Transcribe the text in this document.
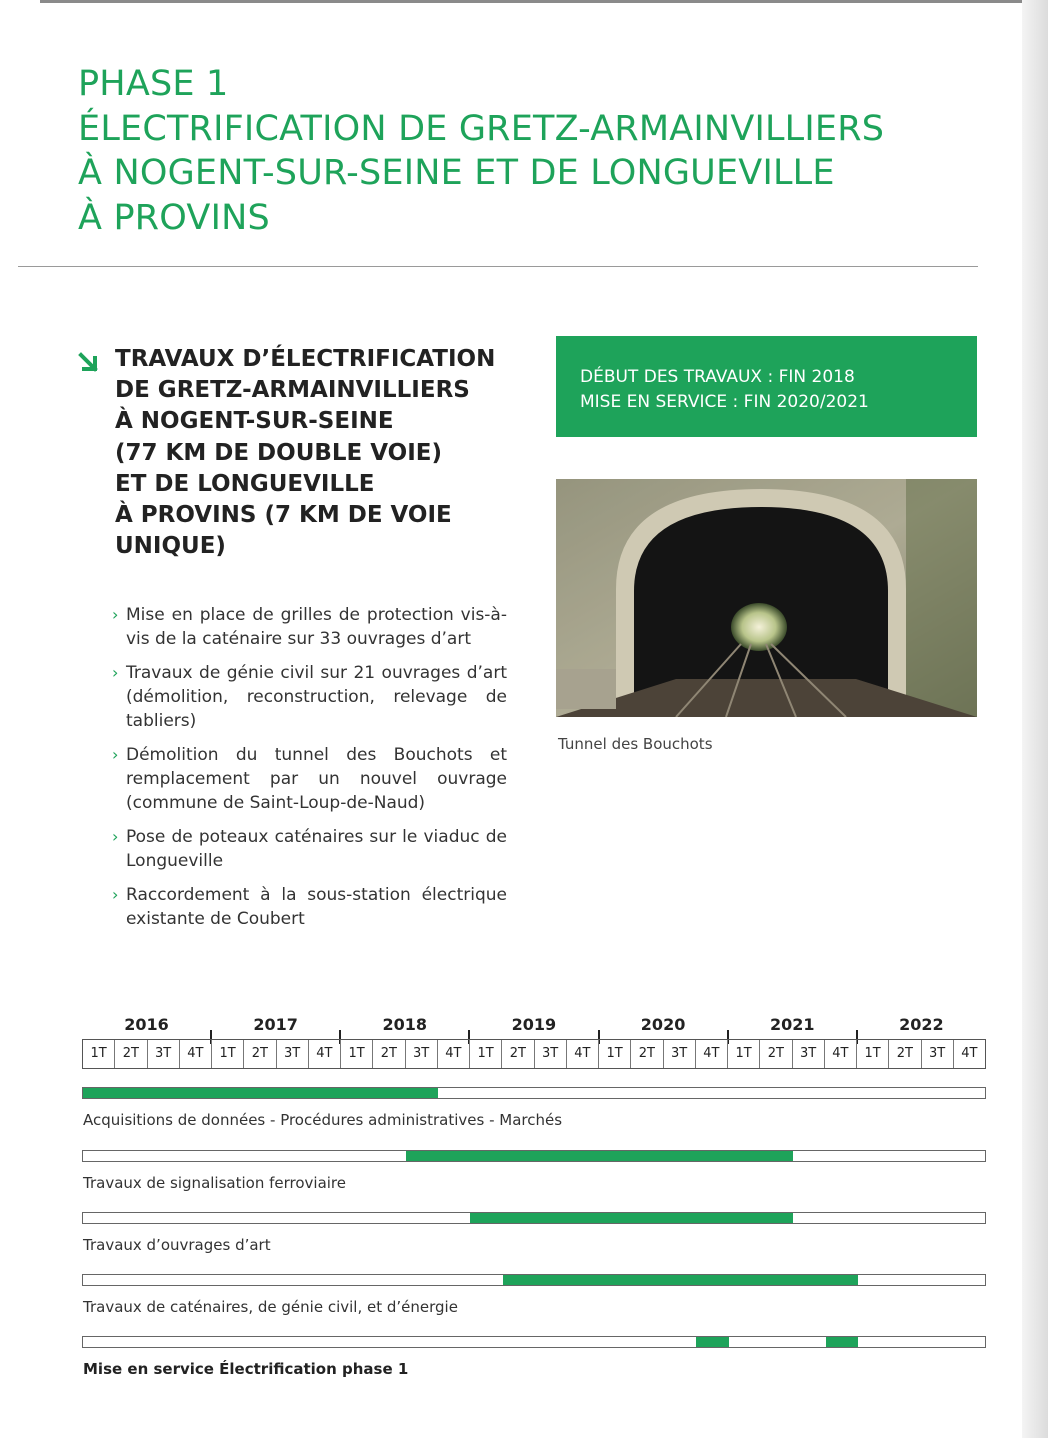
PHASE 1
ÉLECTRIFICATION DE GRETZ-ARMAINVILLIERS
À NOGENT-SUR-SEINE ET DE LONGUEVILLE
À PROVINS
TRAVAUX D’ÉLECTRIFICATION
DE GRETZ-ARMAINVILLIERS
À NOGENT-SUR-SEINE
(77 KM DE DOUBLE VOIE)
ET DE LONGUEVILLE
À PROVINS (7 KM DE VOIE
UNIQUE)
› Mise en place de grilles de protection vis-à-vis de la caténaire sur 33 ouvrages d’art
› Travaux de génie civil sur 21 ouvrages d’art (démolition, reconstruction, relevage de tabliers)
› Démolition du tunnel des Bouchots et remplacement par un nouvel ouvrage (commune de Saint-Loup-de-Naud)
› Pose de poteaux caténaires sur le viaduc de Longueville
› Raccordement à la sous-station électrique existante de Coubert
DÉBUT DES TRAVAUX : FIN 2018
MISE EN SERVICE : FIN 2020/2021
Tunnel des Bouchots
2016	2017	2018	2019	2020	2021	2022
1T	2T	3T	4T	1T	2T	3T	4T	1T	2T	3T	4T	1T	2T	3T	4T	1T	2T	3T	4T	1T	2T	3T	4T	1T	2T	3T	4T
Acquisitions de données - Procédures administratives - Marchés
Travaux de signalisation ferroviaire
Travaux d’ouvrages d’art
Travaux de caténaires, de génie civil, et d’énergie
Mise en service Électrification phase 1
